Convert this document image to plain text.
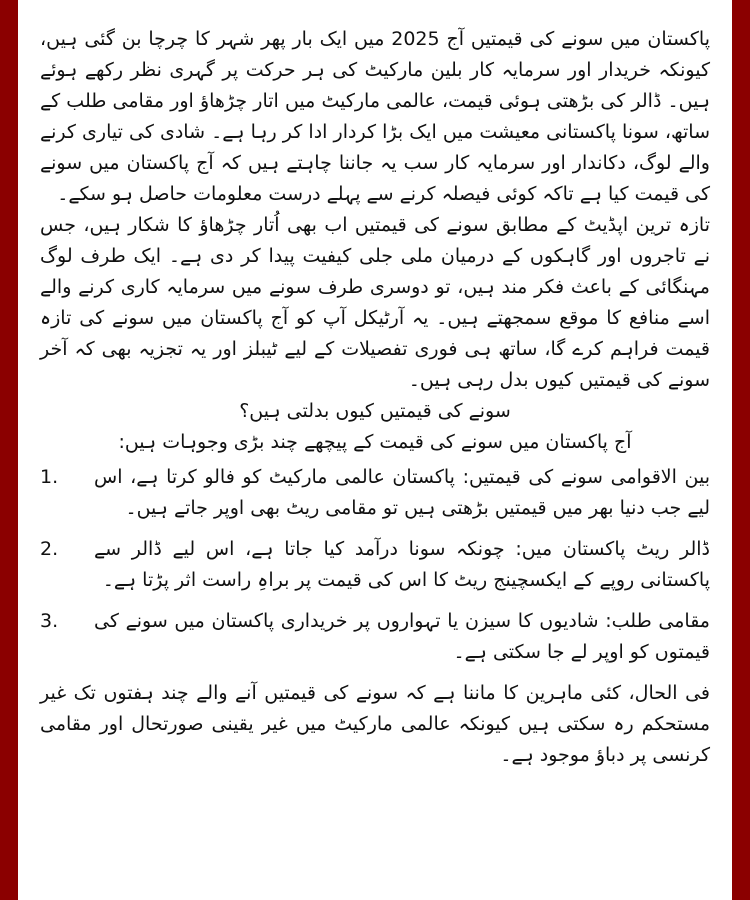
پاکستان میں سونے کی قیمتیں آج 2025 میں ایک بار پھر شہر کا چرچا بن گئی ہیں، کیونکہ خریدار اور سرمایہ کار بلین مارکیٹ کی ہر حرکت پر گہری نظر رکھے ہوئے ہیں۔ ڈالر کی بڑھتی ہوئی قیمت، عالمی مارکیٹ میں اتار چڑھاؤ اور مقامی طلب کے ساتھ، سونا پاکستانی معیشت میں ایک بڑا کردار ادا کر رہا ہے۔ شادی کی تیاری کرنے والے لوگ، دکاندار اور سرمایہ کار سب یہ جاننا چاہتے ہیں کہ آج پاکستان میں سونے کی قیمت کیا ہے تاکہ کوئی فیصلہ کرنے سے پہلے درست معلومات حاصل ہو سکے۔

تازہ ترین اپڈیٹ کے مطابق سونے کی قیمتیں اب بھی اُتار چڑھاؤ کا شکار ہیں، جس نے تاجروں اور گاہکوں کے درمیان ملی جلی کیفیت پیدا کر دی ہے۔ ایک طرف لوگ مہنگائی کے باعث فکر مند ہیں، تو دوسری طرف سونے میں سرمایہ کاری کرنے والے اسے منافع کا موقع سمجھتے ہیں۔ یہ آرٹیکل آپ کو آج پاکستان میں سونے کی تازہ قیمت فراہم کرے گا، ساتھ ہی فوری تفصیلات کے لیے ٹیبلز اور یہ تجزیہ بھی کہ آخر سونے کی قیمتیں کیوں بدل رہی ہیں۔

سونے کی قیمتیں کیوں بدلتی ہیں؟

آج پاکستان میں سونے کی قیمت کے پیچھے چند بڑی وجوہات ہیں:

1.	بین الاقوامی سونے کی قیمتیں: پاکستان عالمی مارکیٹ کو فالو کرتا ہے، اس لیے جب دنیا بھر میں قیمتیں بڑھتی ہیں تو مقامی ریٹ بھی اوپر جاتے ہیں۔
2.	ڈالر ریٹ پاکستان میں: چونکہ سونا درآمد کیا جاتا ہے، اس لیے ڈالر سے پاکستانی روپے کے ایکسچینج ریٹ کا اس کی قیمت پر براہِ راست اثر پڑتا ہے۔
3.	مقامی طلب: شادیوں کا سیزن یا تہواروں پر خریداری پاکستان میں سونے کی قیمتوں کو اوپر لے جا سکتی ہے۔

فی الحال، کئی ماہرین کا ماننا ہے کہ سونے کی قیمتیں آنے والے چند ہفتوں تک غیر مستحکم رہ سکتی ہیں کیونکہ عالمی مارکیٹ میں غیر یقینی صورتحال اور مقامی کرنسی پر دباؤ موجود ہے۔
